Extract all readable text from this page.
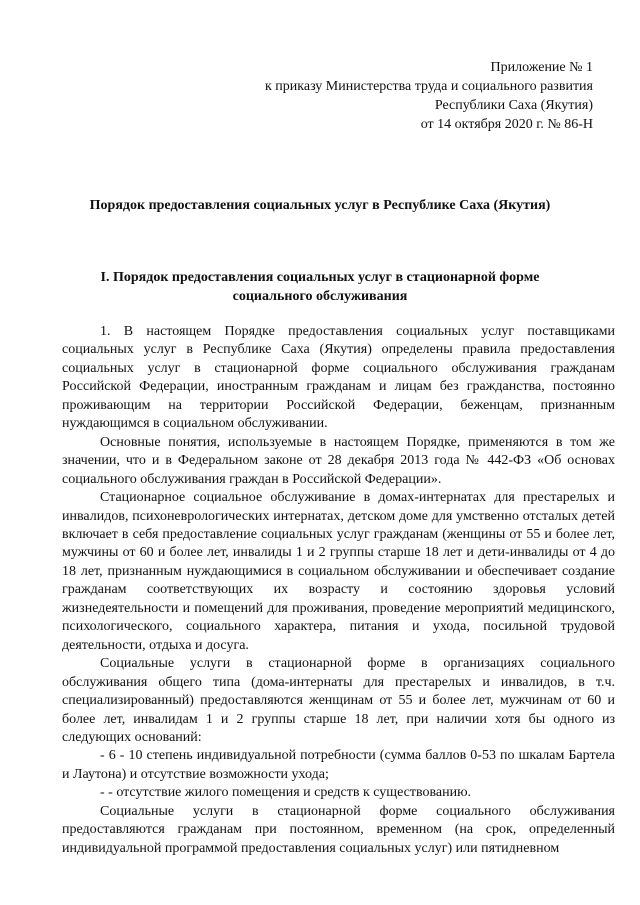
Приложение № 1
к приказу Министерства труда и социального развития
Республики Саха (Якутия)
от 14 октября 2020 г. № 86-Н
Порядок предоставления социальных услуг в Республике Саха (Якутия)
I. Порядок предоставления социальных услуг в стационарной форме социального обслуживания

1. В настоящем Порядке предоставления социальных услуг поставщиками социальных услуг в Республике Саха (Якутия) определены правила предоставления социальных услуг в стационарной форме социального обслуживания гражданам Российской Федерации, иностранным гражданам и лицам без гражданства, постоянно проживающим на территории Российской Федерации, беженцам, признанным нуждающимся в социальном обслуживании.

Основные понятия, используемые в настоящем Порядке, применяются в том же значении, что и в Федеральном законе от 28 декабря 2013 года № 442-ФЗ «Об основах социального обслуживания граждан в Российской Федерации».

Стационарное социальное обслуживание в домах-интернатах для престарелых и инвалидов, психоневрологических интернатах, детском доме для умственно отсталых детей включает в себя предоставление социальных услуг гражданам (женщины от 55 и более лет, мужчины от 60 и более лет, инвалиды 1 и 2 группы старше 18 лет и дети-инвалиды от 4 до 18 лет, признанным нуждающимися в социальном обслуживании и обеспечивает создание гражданам соответствующих их возрасту и состоянию здоровья условий жизнедеятельности и помещений для проживания, проведение мероприятий медицинского, психологического, социального характера, питания и ухода, посильной трудовой деятельности, отдыха и досуга.

Социальные услуги в стационарной форме в организациях социального обслуживания общего типа (дома-интернаты для престарелых и инвалидов, в т.ч. специализированный) предоставляются женщинам от 55 и более лет, мужчинам от 60 и более лет, инвалидам 1 и 2 группы старше 18 лет, при наличии хотя бы одного из следующих оснований:

- 6 - 10 степень индивидуальной потребности (сумма баллов 0-53 по шкалам Бартела и Лаутона) и отсутствие возможности ухода;

- - отсутствие жилого помещения и средств к существованию.

Социальные услуги в стационарной форме социального обслуживания предоставляются гражданам при постоянном, временном (на срок, определенный индивидуальной программой предоставления социальных услуг) или пятидневном
